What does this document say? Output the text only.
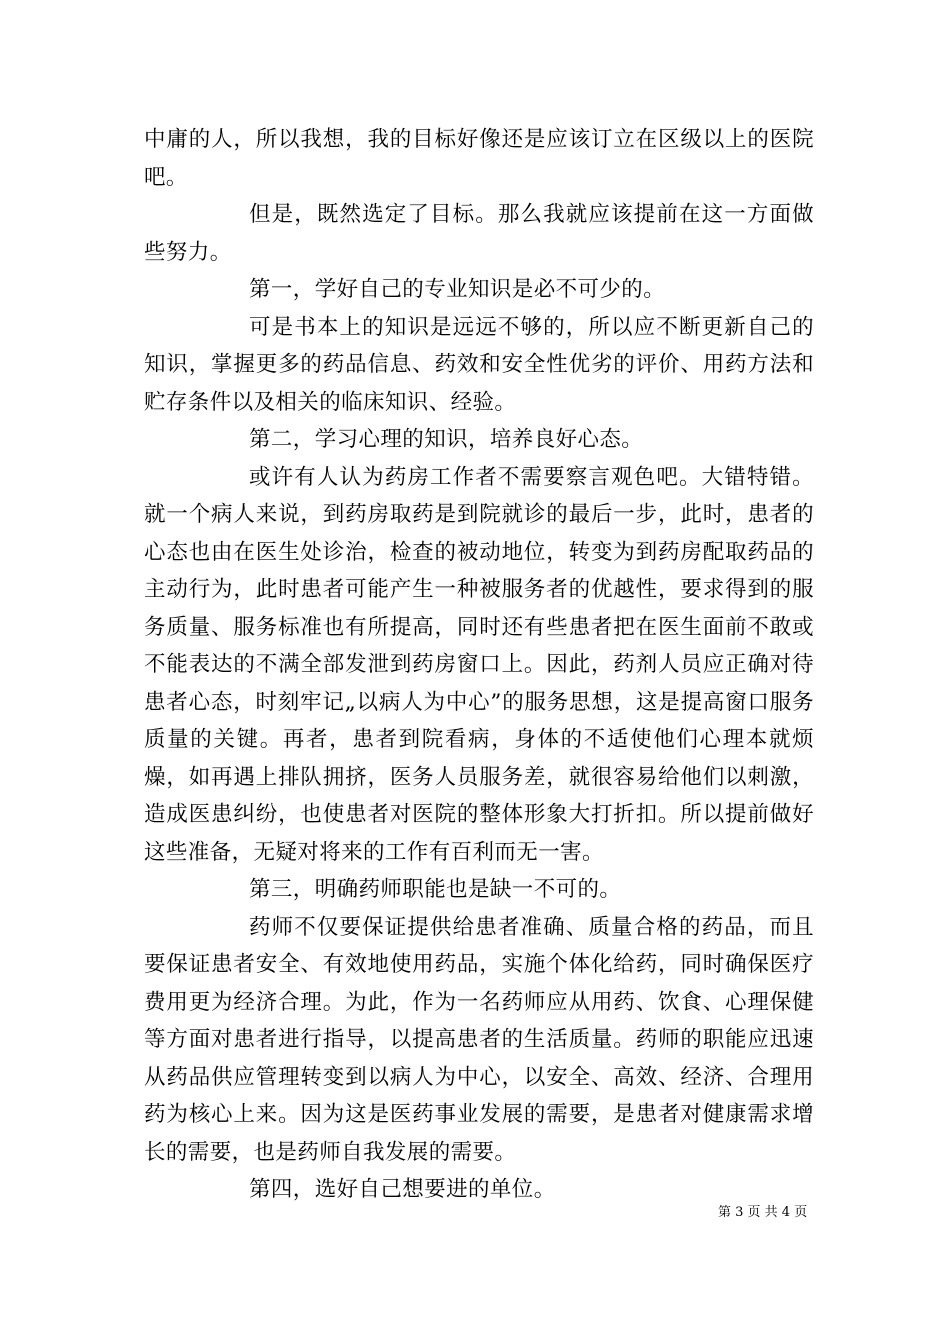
中庸的人，所以我想，我的目标好像还是应该订立在区级以上的医院吧。

但是，既然选定了目标。那么我就应该提前在这一方面做些努力。

第一，学好自己的专业知识是必不可少的。

可是书本上的知识是远远不够的，所以应不断更新自己的知识，掌握更多的药品信息、药效和安全性优劣的评价、用药方法和贮存条件以及相关的临床知识、经验。

第二，学习心理的知识，培养良好心态。

或许有人认为药房工作者不需要察言观色吧。大错特错。就一个病人来说，到药房取药是到院就诊的最后一步，此时，患者的心态也由在医生处诊治，检查的被动地位，转变为到药房配取药品的主动行为，此时患者可能产生一种被服务者的优越性，要求得到的服务质量、服务标准也有所提高，同时还有些患者把在医生面前不敢或不能表达的不满全部发泄到药房窗口上。因此，药剂人员应正确对待患者心态，时刻牢记„以病人为中心”的服务思想，这是提高窗口服务质量的关键。再者，患者到院看病，身体的不适使他们心理本就烦燥，如再遇上排队拥挤，医务人员服务差，就很容易给他们以刺激，造成医患纠纷，也使患者对医院的整体形象大打折扣。所以提前做好这些准备，无疑对将来的工作有百利而无一害。

第三，明确药师职能也是缺一不可的。

药师不仅要保证提供给患者准确、质量合格的药品，而且要保证患者安全、有效地使用药品，实施个体化给药，同时确保医疗费用更为经济合理。为此，作为一名药师应从用药、饮食、心理保健等方面对患者进行指导，以提高患者的生活质量。药师的职能应迅速从药品供应管理转变到以病人为中心，以安全、高效、经济、合理用药为核心上来。因为这是医药事业发展的需要，是患者对健康需求增长的需要，也是药师自我发展的需要。

第四，选好自己想要进的单位。

第 3 页 共 4 页
